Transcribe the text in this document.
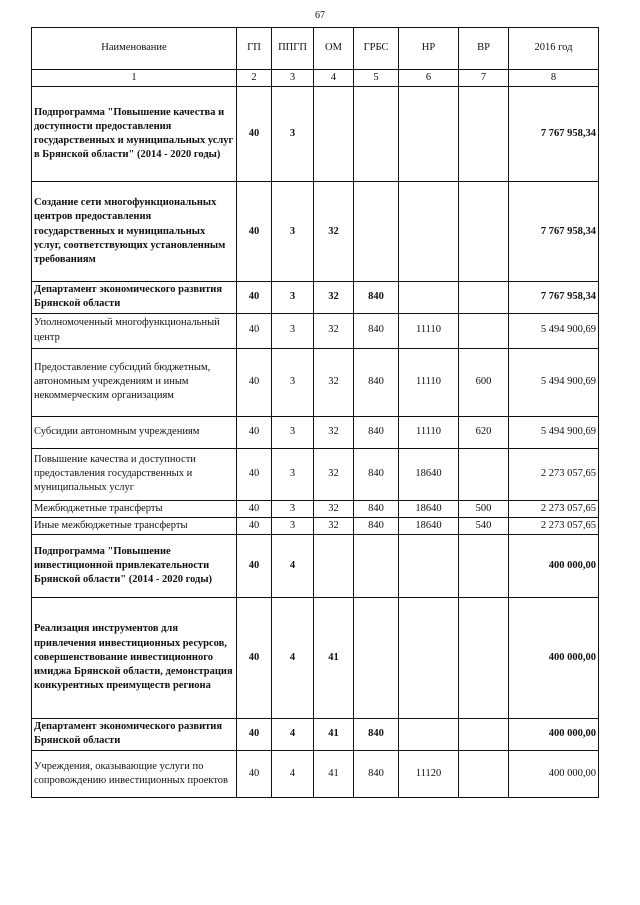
67
Наименование	ГП	ППГП	ОМ	ГРБС	НР	ВР	2016 год
1	2	3	4	5	6	7	8
Подпрограмма "Повышение качества и доступности предоставления государственных и муниципальных услуг в Брянской области" (2014 - 2020 годы)	40	3					7 767 958,34
Создание сети многофункциональных центров предоставления государственных и муниципальных услуг, соответствующих установленным требованиям	40	3	32				7 767 958,34
Департамент экономического развития Брянской области	40	3	32	840			7 767 958,34
Уполномоченный многофункциональный центр	40	3	32	840	11110		5 494 900,69
Предоставление субсидий бюджетным, автономным учреждениям и иным некоммерческим организациям	40	3	32	840	11110	600	5 494 900,69
Субсидии автономным учреждениям	40	3	32	840	11110	620	5 494 900,69
Повышение качества и доступности предоставления государственных и муниципальных услуг	40	3	32	840	18640		2 273 057,65
Межбюджетные трансферты	40	3	32	840	18640	500	2 273 057,65
Иные межбюджетные трансферты	40	3	32	840	18640	540	2 273 057,65
Подпрограмма "Повышение инвестиционной привлекательности Брянской области" (2014 - 2020 годы)	40	4					400 000,00
Реализация инструментов для привлечения инвестиционных ресурсов, совершенствование инвестиционного имиджа Брянской области, демонстрация конкурентных преимуществ региона	40	4	41				400 000,00
Департамент экономического развития Брянской области	40	4	41	840			400 000,00
Учреждения, оказывающие услуги по сопровождению инвестиционных проектов	40	4	41	840	11120		400 000,00
